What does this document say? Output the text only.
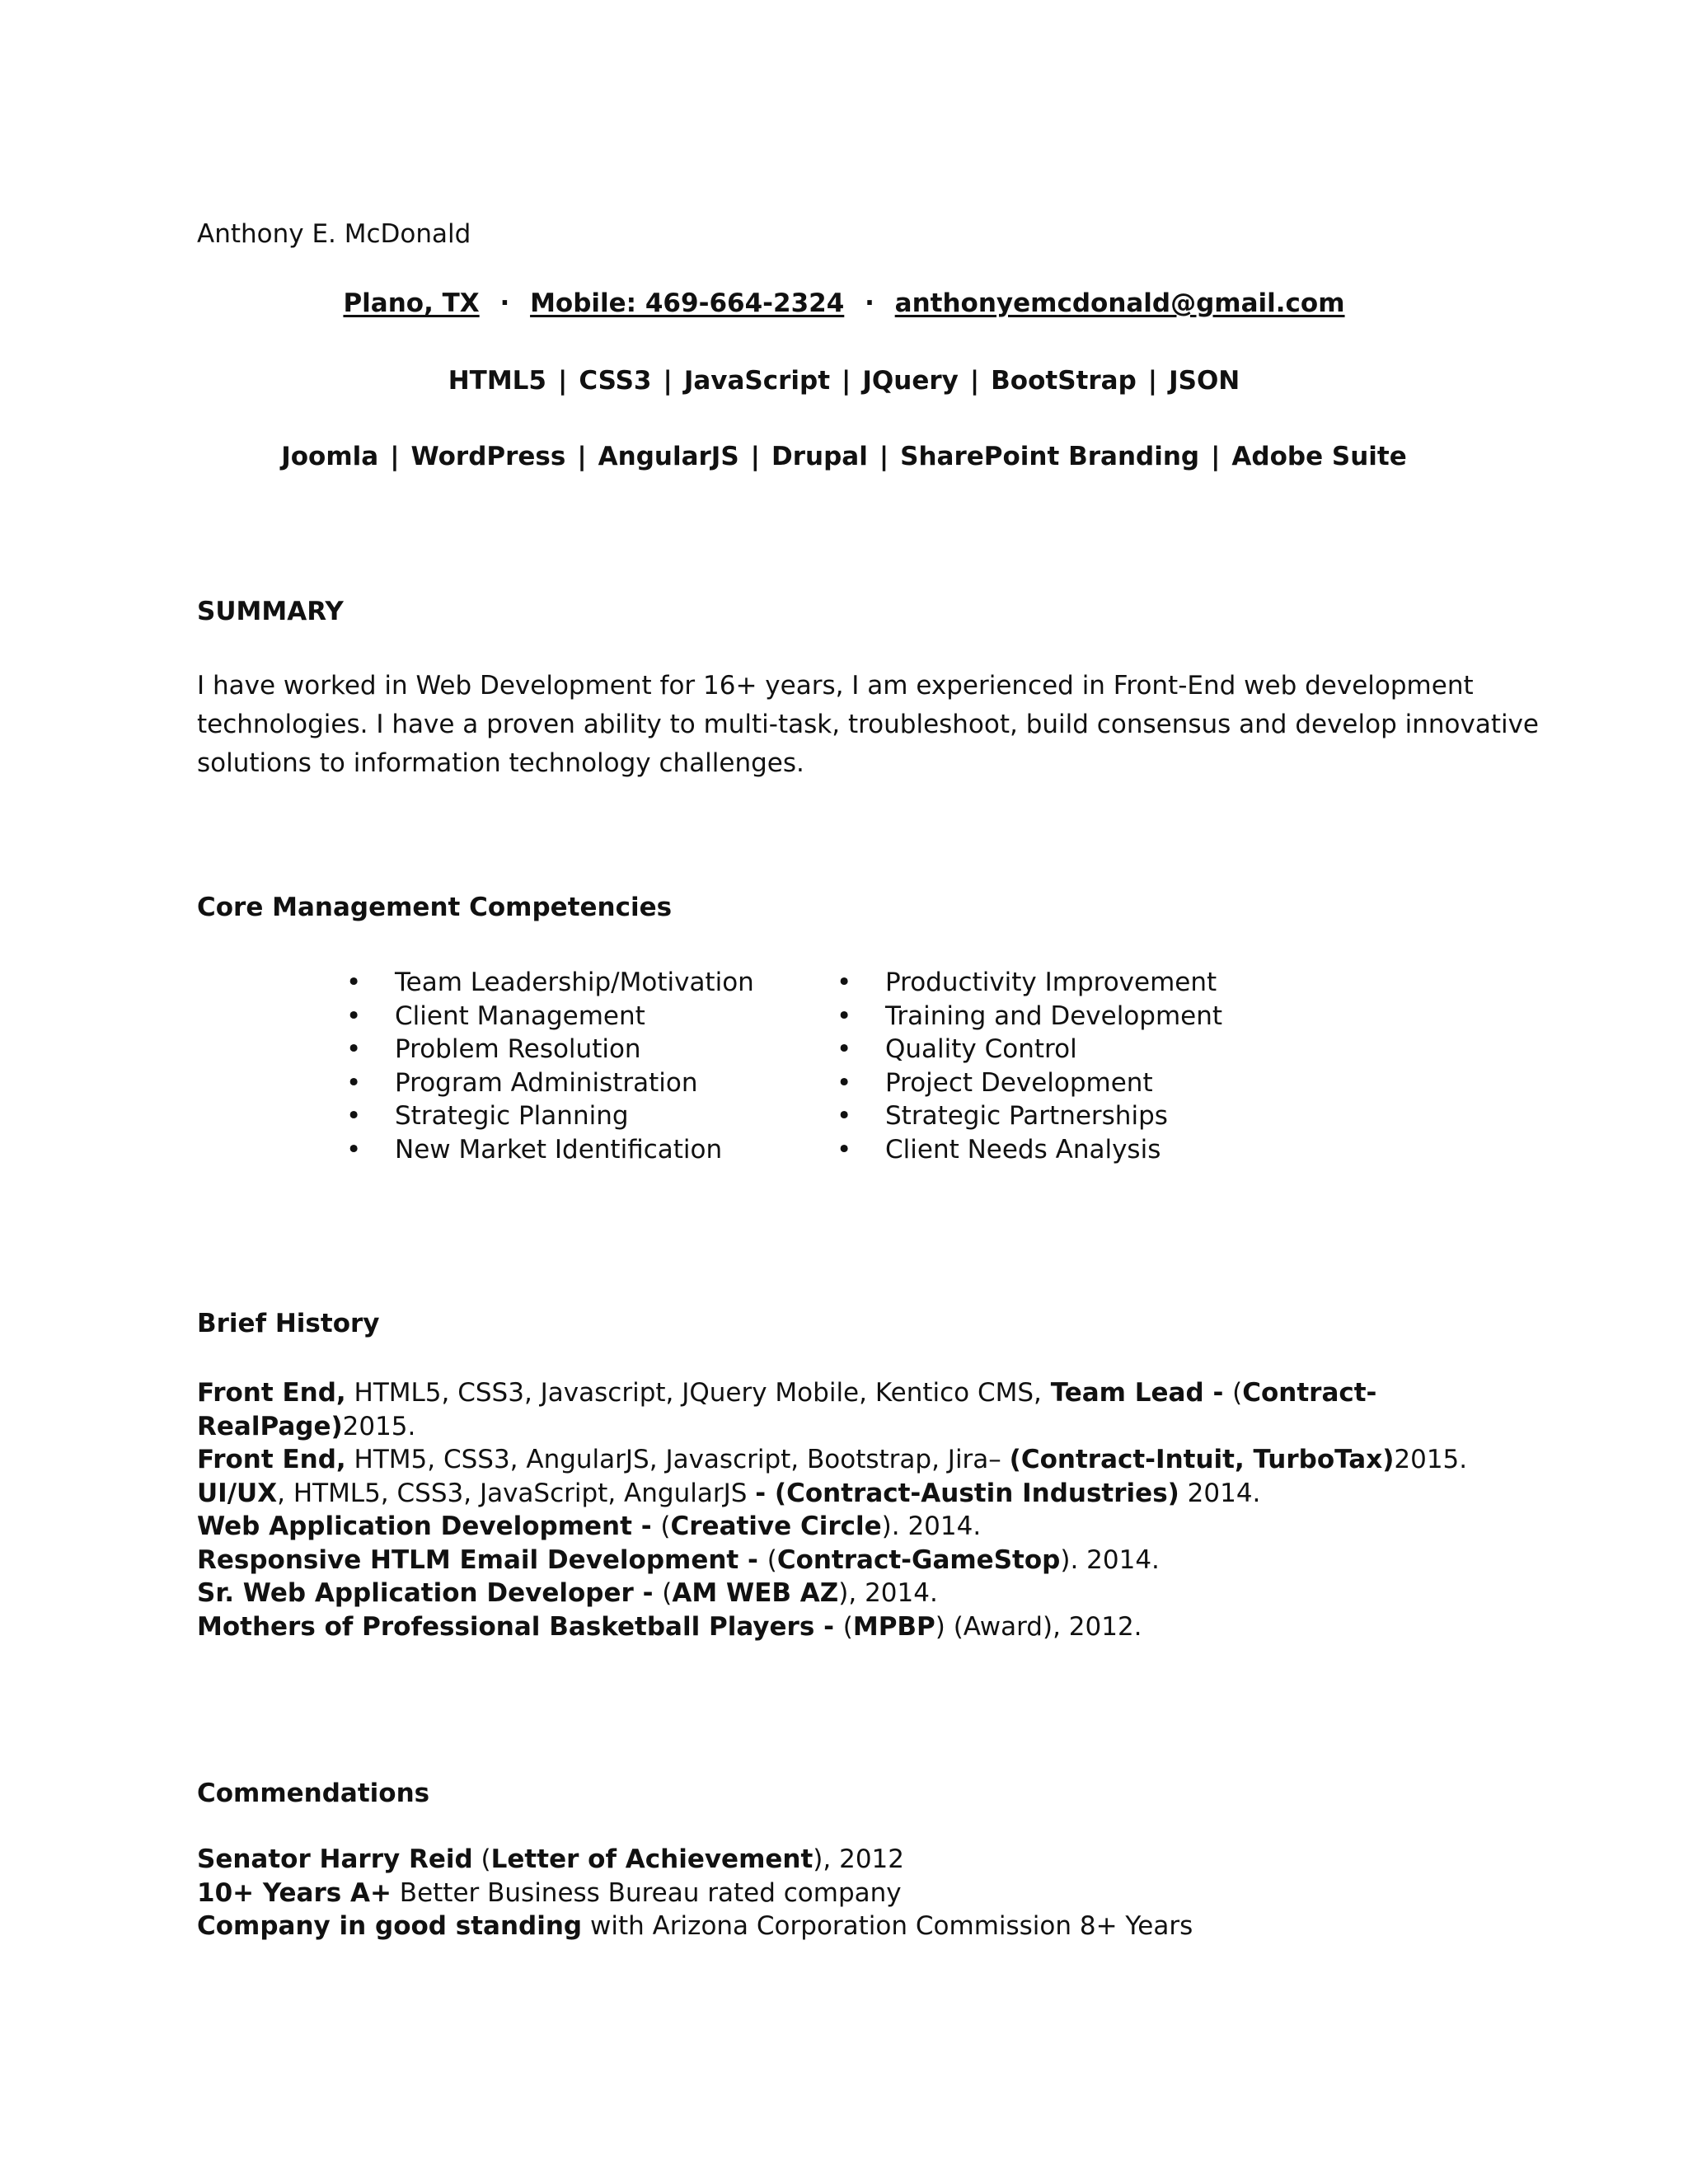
Anthony E. McDonald
Plano, TX · Mobile: 469-664-2324 · anthonyemcdonald@gmail.com
HTML5 | CSS3 | JavaScript | JQuery | BootStrap | JSON
Joomla | WordPress | AngularJS | Drupal | SharePoint Branding | Adobe Suite
SUMMARY
I have worked in Web Development for 16+ years, I am experienced in Front-End web development
technologies. I have a proven ability to multi-task, troubleshoot, build consensus and develop innovative
solutions to information technology challenges.
Core Management Competencies
• Team Leadership/Motivation
• Client Management
• Problem Resolution
• Program Administration
• Strategic Planning
• New Market Identification
• Productivity Improvement
• Training and Development
• Quality Control
• Project Development
• Strategic Partnerships
• Client Needs Analysis
Brief History
Front End, HTML5, CSS3, Javascript, JQuery Mobile, Kentico CMS, Team Lead - (Contract-
RealPage)2015.
Front End, HTM5, CSS3, AngularJS, Javascript, Bootstrap, Jira– (Contract-Intuit, TurboTax)2015.
UI/UX, HTML5, CSS3, JavaScript, AngularJS - (Contract-Austin Industries) 2014.
Web Application Development - (Creative Circle). 2014.
Responsive HTLM Email Development - (Contract-GameStop). 2014.
Sr. Web Application Developer - (AM WEB AZ), 2014.
Mothers of Professional Basketball Players - (MPBP) (Award), 2012.
Commendations
Senator Harry Reid (Letter of Achievement), 2012
10+ Years A+ Better Business Bureau rated company
Company in good standing with Arizona Corporation Commission 8+ Years
